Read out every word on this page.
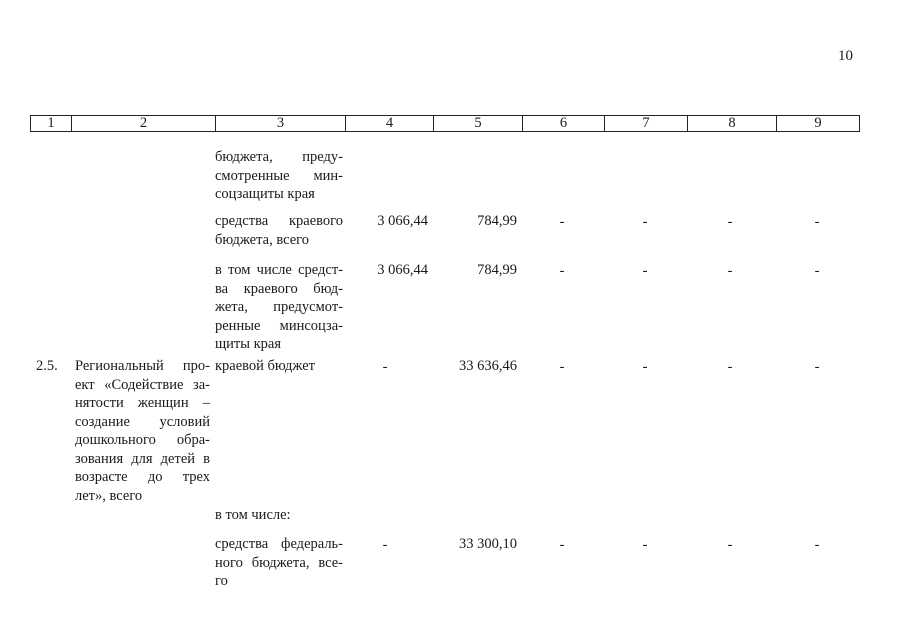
10
1	2	3	4	5	6	7	8	9
бюджета, преду-
смотренные мин-
соцзащиты края
средства краевого
бюджета, всего
3 066,44	784,99	-	-	-	-
в том числе средст-
ва краевого бюд-
жета, предусмот-
ренные минсоцза-
щиты края
3 066,44	784,99	-	-	-	-
2.5. Региональный про-
ект «Содействие за-
нятости женщин –
создание условий
дошкольного обра-
зования для детей в
возрасте до трех
лет», всего
краевой бюджет	-	33 636,46	-	-	-	-
в том числе:
средства федераль-
ного бюджета, все-
го
-	33 300,10	-	-	-	-
